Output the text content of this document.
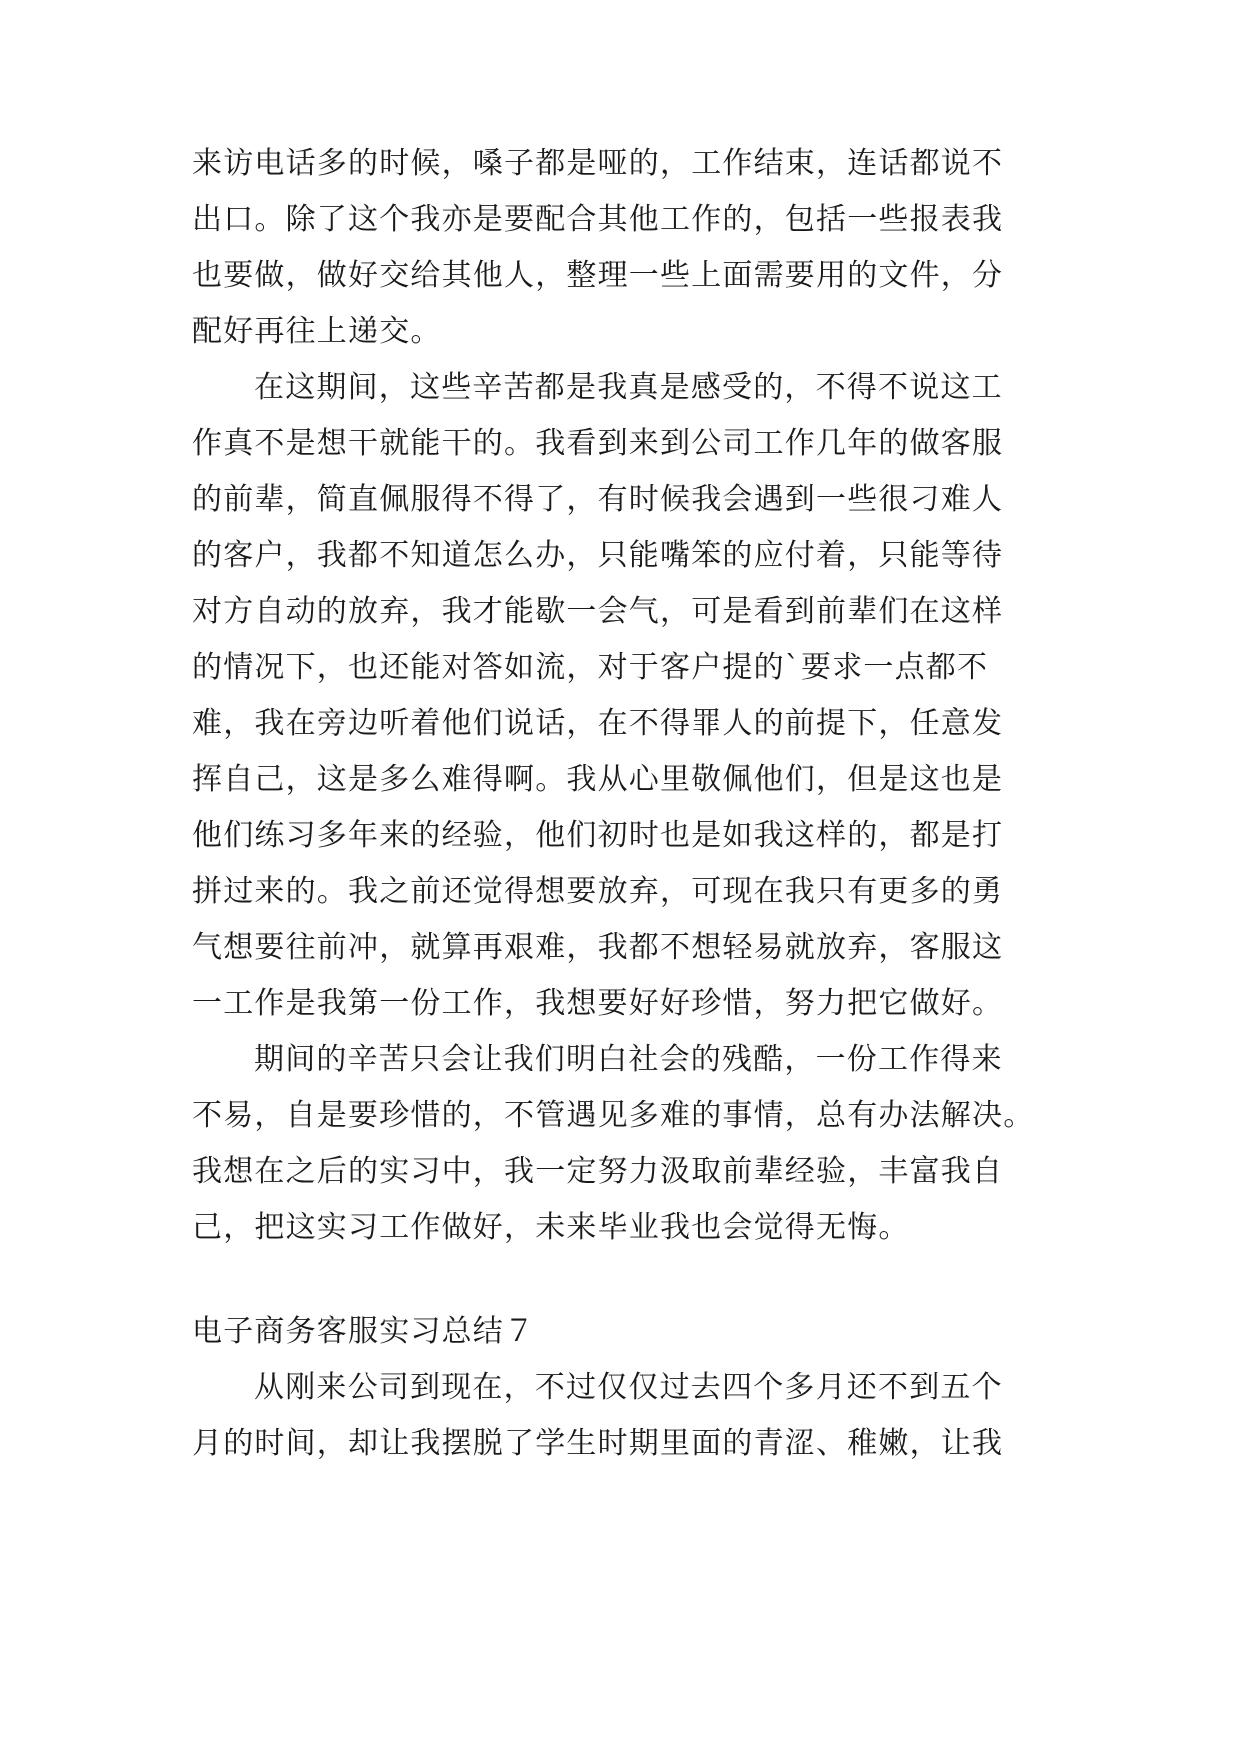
来访电话多的时候，嗓子都是哑的，工作结束，连话都说不
出口。除了这个我亦是要配合其他工作的，包括一些报表我
也要做，做好交给其他人，整理一些上面需要用的文件，分
配好再往上递交。
在这期间，这些辛苦都是我真是感受的，不得不说这工
作真不是想干就能干的。我看到来到公司工作几年的做客服
的前辈，简直佩服得不得了，有时候我会遇到一些很刁难人
的客户，我都不知道怎么办，只能嘴笨的应付着，只能等待
对方自动的放弃，我才能歇一会气，可是看到前辈们在这样
的情况下，也还能对答如流，对于客户提的`要求一点都不
难，我在旁边听着他们说话，在不得罪人的前提下，任意发
挥自己，这是多么难得啊。我从心里敬佩他们，但是这也是
他们练习多年来的经验，他们初时也是如我这样的，都是打
拼过来的。我之前还觉得想要放弃，可现在我只有更多的勇
气想要往前冲，就算再艰难，我都不想轻易就放弃，客服这
一工作是我第一份工作，我想要好好珍惜，努力把它做好。
期间的辛苦只会让我们明白社会的残酷，一份工作得来
不易，自是要珍惜的，不管遇见多难的事情，总有办法解决。
我想在之后的实习中，我一定努力汲取前辈经验，丰富我自
己，把这实习工作做好，未来毕业我也会觉得无悔。
电子商务客服实习总结７
从刚来公司到现在，不过仅仅过去四个多月还不到五个
月的时间，却让我摆脱了学生时期里面的青涩、稚嫩，让我
